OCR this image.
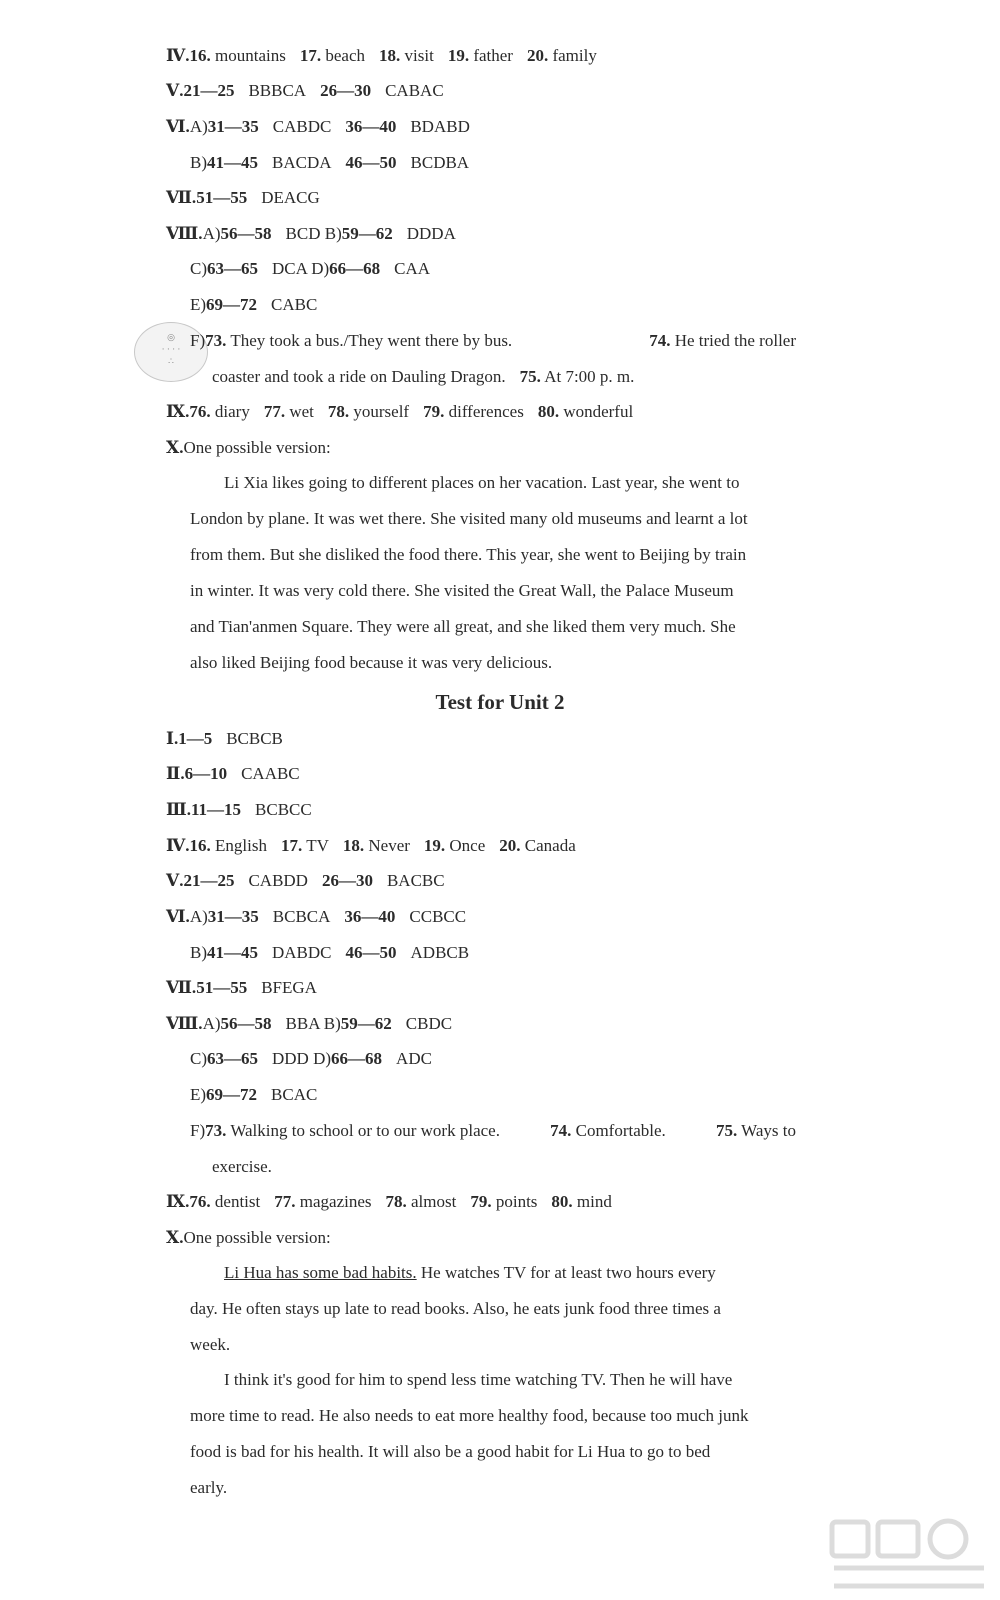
Ⅳ.16. mountains 17. beach 18. visit 19. father 20. family
Ⅴ.21—25 BBBCA 26—30 CABAC
Ⅵ.A)31—35 CABDC 36—40 BDABD
B)41—45 BACDA 46—50 BCDBA
Ⅶ.51—55 DEACG
Ⅷ.A)56—58 BCD B)59—62 DDDA
C)63—65 DCA D)66—68 CAA
E)69—72 CABC
◎
· · · ·
∴
F)73. They took a bus./They went there by bus.	74. He tried the roller
coaster and took a ride on Dauling Dragon. 75. At 7:00 p. m.
Ⅸ.76. diary 77. wet 78. yourself 79. differences 80. wonderful
Ⅹ.One possible version:
Li Xia likes going to different places on her vacation. Last year, she went to
London by plane. It was wet there. She visited many old museums and learnt a lot
from them. But she disliked the food there. This year, she went to Beijing by train
in winter. It was very cold there. She visited the Great Wall, the Palace Museum
and Tian'anmen Square. They were all great, and she liked them very much. She
also liked Beijing food because it was very delicious.
Test for Unit 2
Ⅰ.1—5 BCBCB
Ⅱ.6—10 CAABC
Ⅲ.11—15 BCBCC
Ⅳ.16. English 17. TV 18. Never 19. Once 20. Canada
Ⅴ.21—25 CABDD 26—30 BACBC
Ⅵ.A)31—35 BCBCA 36—40 CCBCC
B)41—45 DABDC 46—50 ADBCB
Ⅶ.51—55 BFEGA
Ⅷ.A)56—58 BBA B)59—62 CBDC
C)63—65 DDD D)66—68 ADC
E)69—72 BCAC
F)73. Walking to school or to our work place.	74. Comfortable.	75. Ways to
exercise.
Ⅸ.76. dentist 77. magazines 78. almost 79. points 80. mind
Ⅹ.One possible version:
Li Hua has some bad habits. He watches TV for at least two hours every
day. He often stays up late to read books. Also, he eats junk food three times a
week.
I think it's good for him to spend less time watching TV. Then he will have
more time to read. He also needs to eat more healthy food, because too much junk
food is bad for his health. It will also be a good habit for Li Hua to go to bed
early.
